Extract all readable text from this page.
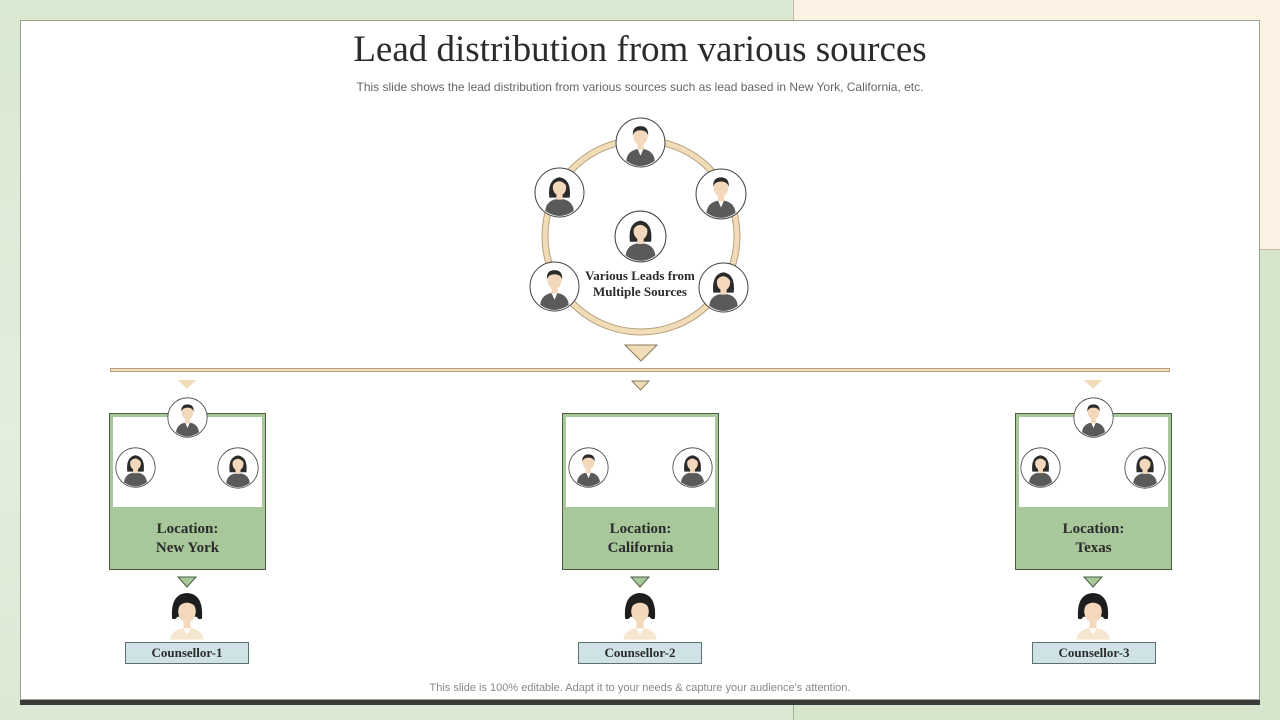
Lead distribution from various sources
This slide shows the lead distribution from various sources such as lead based in New York, California, etc.
Various Leads from Multiple Sources
Location:
New York
Location:
California
Location:
Texas
Counsellor-1	Counsellor-2	Counsellor-3
This slide is 100% editable. Adapt it to your needs & capture your audience's attention.
